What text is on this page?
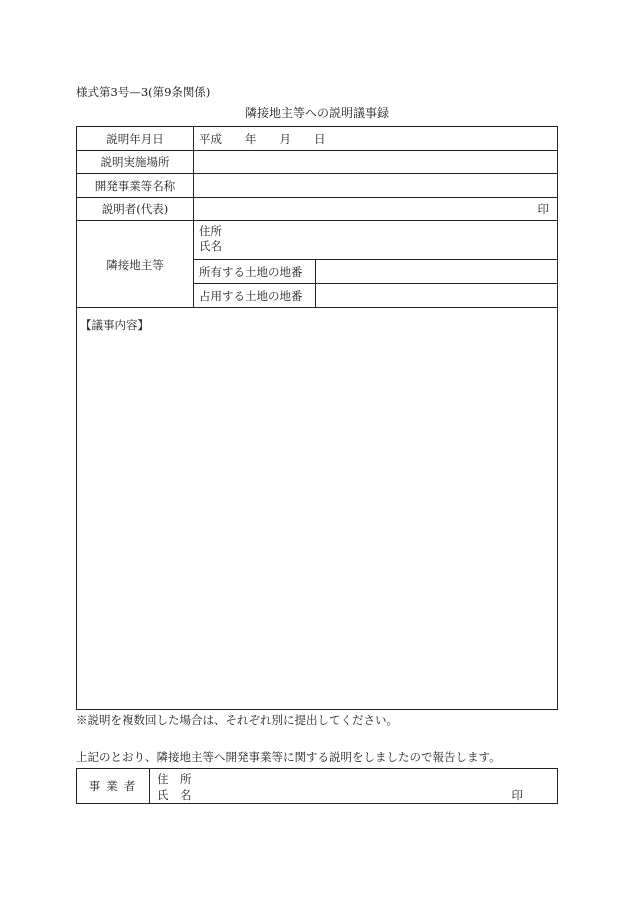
様式第3号—3(第9条関係)
隣接地主等への説明議事録
説明年月日	平成　　年　　月　　日
説明実施場所
開発事業等名称
説明者(代表)	印
隣接地主等
住所
氏名
所有する土地の地番
占用する土地の地番
【議事内容】
※説明を複数回した場合は、それぞれ別に提出してください。
上記のとおり、隣接地主等へ開発事業等に関する説明をしましたので報告します。
事業者	住　所
氏　名	印
